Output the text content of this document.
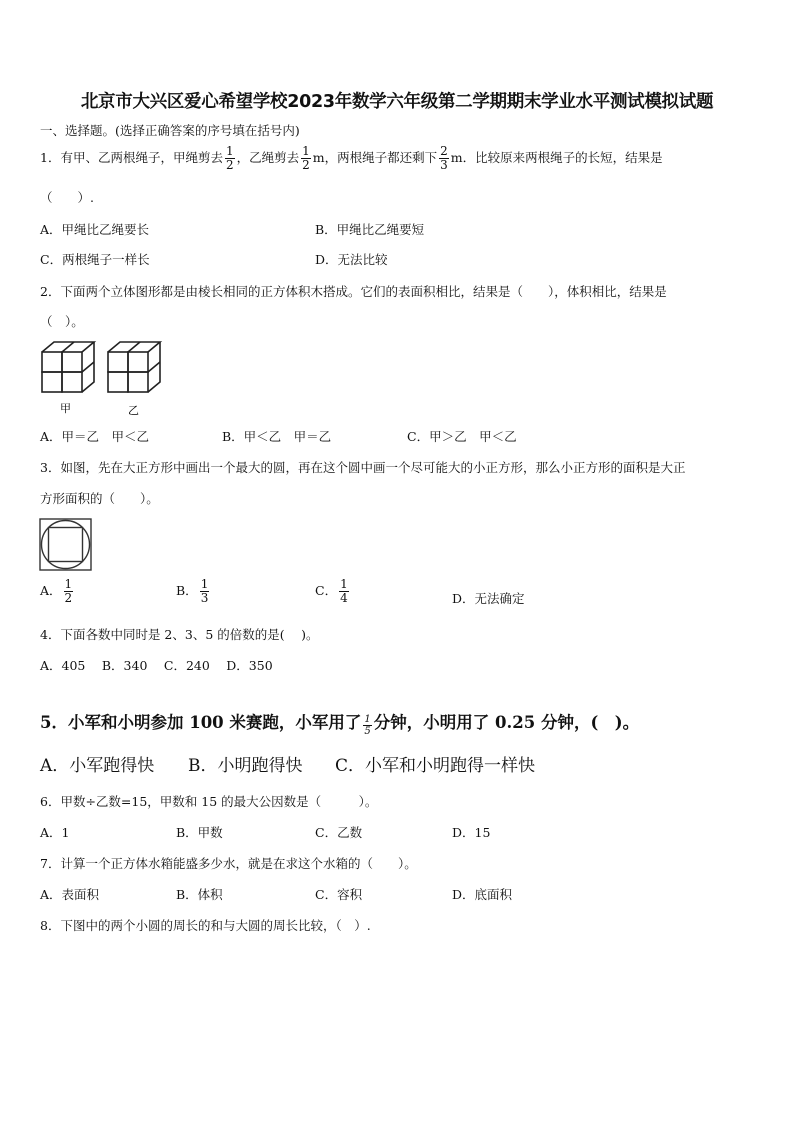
北京市大兴区爱心希望学校2023年数学六年级第二学期期末学业水平测试模拟试题
一、选择题。(选择正确答案的序号填在括号内)
1．有甲、乙两根绳子，甲绳剪去 $\frac{1}{2}$ ，乙绳剪去 $\frac{1}{2}$ m，两根绳子都还剩下 $\frac{2}{3}$ m．比较原来两根绳子的长短，结果是
（　　）.
A．甲绳比乙绳要长	B．甲绳比乙绳要短
C．两根绳子一样长	D．无法比较
2．下面两个立体图形都是由棱长相同的正方体积木搭成。它们的表面积相比，结果是（　　），体积相比，结果是
（　）。
甲	乙
A．甲＝乙　甲＜乙	B．甲＜乙　甲＝乙	C．甲＞乙　甲＜乙
3．如图，先在大正方形中画出一个最大的圆，再在这个圆中画一个尽可能大的小正方形，那么小正方形的面积是大正
方形面积的（　　）。
A． $\frac{1}{2}$	B． $\frac{1}{3}$	C． $\frac{1}{4}$	D．无法确定
4．下面各数中同时是 2、3、5 的倍数的是(　 )。
A．405　 B．340　 C．240　 D．350
5．小军和小明参加 100 米赛跑，小军用了 $\frac{1}{5}$ 分钟，小明用了 0.25 分钟，(　)。
A．小军跑得快 B．小明跑得快 C．小军和小明跑得一样快
6．甲数÷乙数=15，甲数和 15 的最大公因数是（　　　）。
A．1	B．甲数	C．乙数	D．15
7．计算一个正方体水箱能盛多少水，就是在求这个水箱的（　　）。
A．表面积	B．体积	C．容积	D．底面积
8．下图中的两个小圆的周长的和与大圆的周长比较，（　）.
